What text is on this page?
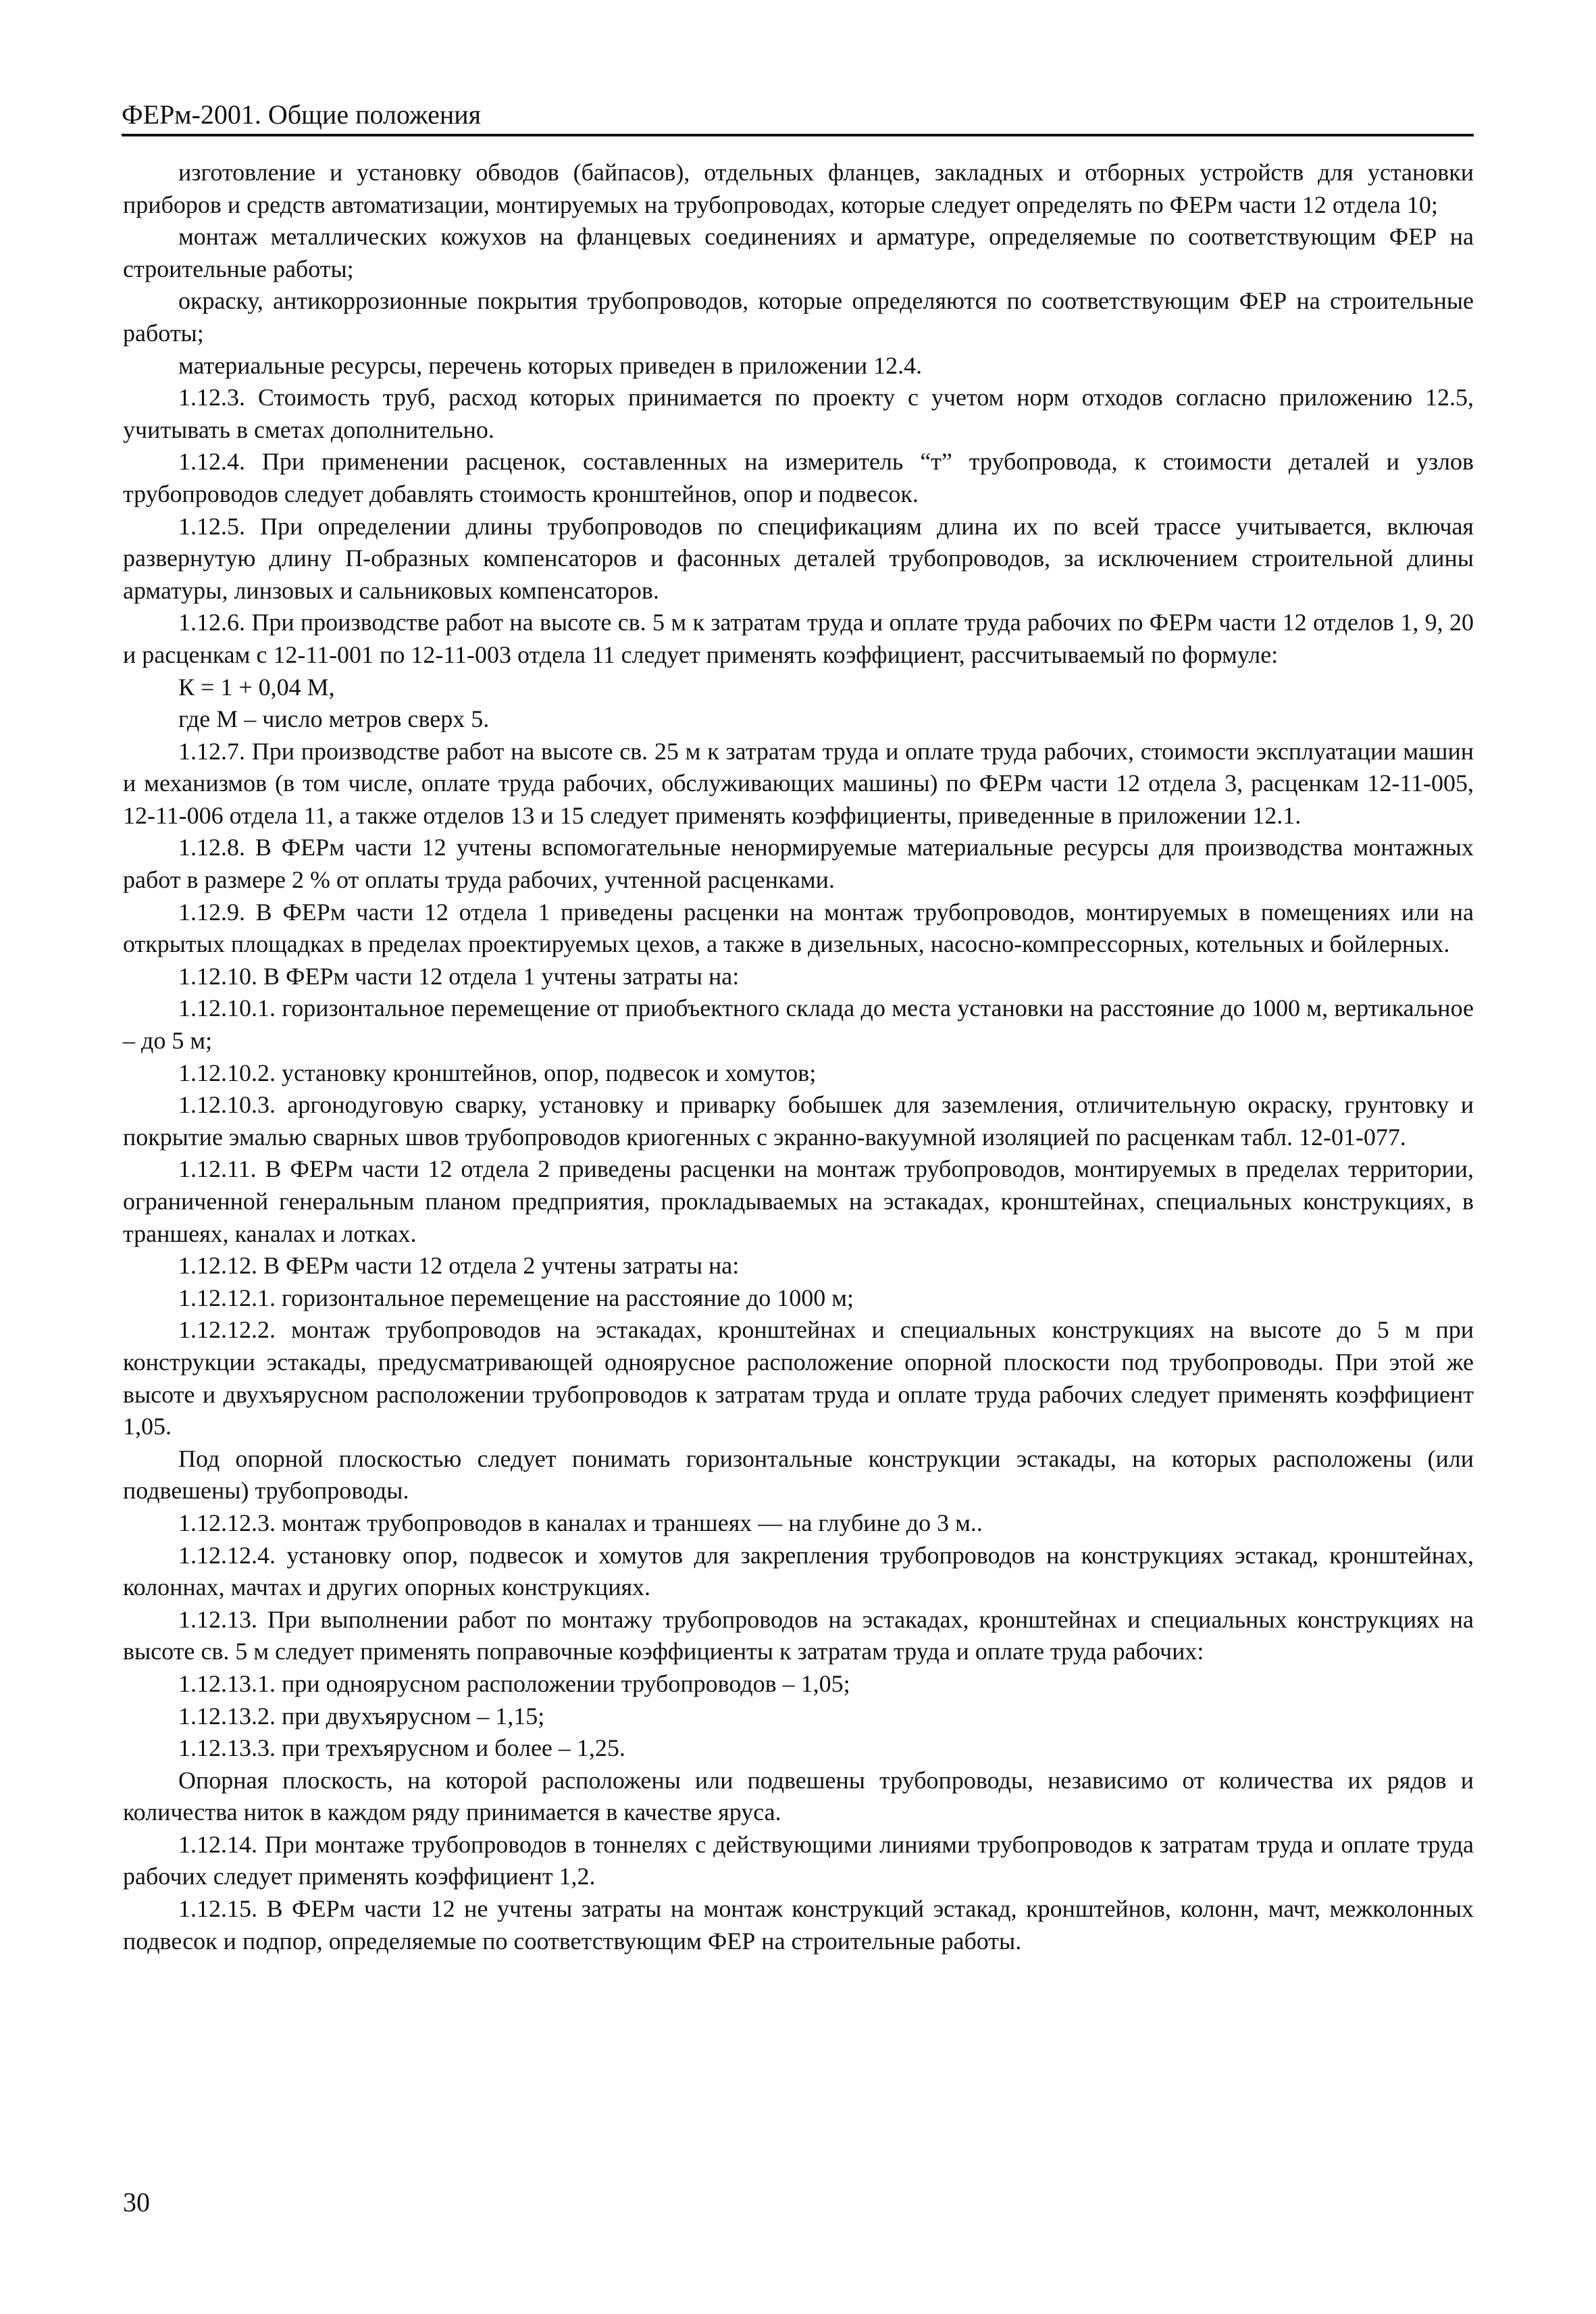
ФЕРм-2001. Общие положения

изготовление и установку обводов (байпасов), отдельных фланцев, закладных и отборных устройств для установки приборов и средств автоматизации, монтируемых на трубопроводах, которые следует определять по ФЕРм части 12 отдела 10;

монтаж металлических кожухов на фланцевых соединениях и арматуре, определяемые по соответствующим ФЕР на строительные работы;

окраску, антикоррозионные покрытия трубопроводов, которые определяются по соответствующим ФЕР на строительные работы;

материальные ресурсы, перечень которых приведен в приложении 12.4.

1.12.3. Стоимость труб, расход которых принимается по проекту с учетом норм отходов согласно приложению 12.5, учитывать в сметах дополнительно.

1.12.4. При применении расценок, составленных на измеритель “т” трубопровода, к стоимости деталей и узлов трубопроводов следует добавлять стоимость кронштейнов, опор и подвесок.

1.12.5. При определении длины трубопроводов по спецификациям длина их по всей трассе учитывается, включая развернутую длину П-образных компенсаторов и фасонных деталей трубопроводов, за исключением строительной длины арматуры, линзовых и сальниковых компенсаторов.

1.12.6. При производстве работ на высоте св. 5 м к затратам труда и оплате труда рабочих по ФЕРм части 12 отделов 1, 9, 20 и расценкам с 12-11-001 по 12-11-003 отдела 11 следует применять коэффициент, рассчитываемый по формуле:

К = 1 + 0,04 М,

где М – число метров сверх 5.

1.12.7. При производстве работ на высоте св. 25 м к затратам труда и оплате труда рабочих, стоимости эксплуатации машин и механизмов (в том числе, оплате труда рабочих, обслуживающих машины) по ФЕРм части 12 отдела 3, расценкам 12-11-005, 12-11-006 отдела 11, а также отделов 13 и 15 следует применять коэффициенты, приведенные в приложении 12.1.

1.12.8. В ФЕРм части 12 учтены вспомогательные ненормируемые материальные ресурсы для производства монтажных работ в размере 2 % от оплаты труда рабочих, учтенной расценками.

1.12.9. В ФЕРм части 12 отдела 1 приведены расценки на монтаж трубопроводов, монтируемых в помещениях или на открытых площадках в пределах проектируемых цехов, а также в дизельных, насосно-компрессорных, котельных и бойлерных.

1.12.10. В ФЕРм части 12 отдела 1 учтены затраты на:

1.12.10.1. горизонтальное перемещение от приобъектного склада до места установки на расстояние до 1000 м, вертикальное – до 5 м;

1.12.10.2. установку кронштейнов, опор, подвесок и хомутов;

1.12.10.3. аргонодуговую сварку, установку и приварку бобышек для заземления, отличительную окраску, грунтовку и покрытие эмалью сварных швов трубопроводов криогенных с экранно-вакуумной изоляцией по расценкам табл. 12-01-077.

1.12.11. В ФЕРм части 12 отдела 2 приведены расценки на монтаж трубопроводов, монтируемых в пределах территории, ограниченной генеральным планом предприятия, прокладываемых на эстакадах, кронштейнах, специальных конструкциях, в траншеях, каналах и лотках.

1.12.12. В ФЕРм части 12 отдела 2 учтены затраты на:

1.12.12.1. горизонтальное перемещение на расстояние до 1000 м;

1.12.12.2. монтаж трубопроводов на эстакадах, кронштейнах и специальных конструкциях на высоте до 5 м при конструкции эстакады, предусматривающей одноярусное расположение опорной плоскости под трубопроводы. При этой же высоте и двухъярусном расположении трубопроводов к затратам труда и оплате труда рабочих следует применять коэффициент 1,05.

Под опорной плоскостью следует понимать горизонтальные конструкции эстакады, на которых расположены (или подвешены) трубопроводы.

1.12.12.3. монтаж трубопроводов в каналах и траншеях — на глубине до 3 м..

1.12.12.4. установку опор, подвесок и хомутов для закрепления трубопроводов на конструкциях эстакад, кронштейнах, колоннах, мачтах и других опорных конструкциях.

1.12.13. При выполнении работ по монтажу трубопроводов на эстакадах, кронштейнах и специальных конструкциях на высоте св. 5 м следует применять поправочные коэффициенты к затратам труда и оплате труда рабочих:

1.12.13.1. при одноярусном расположении трубопроводов – 1,05;

1.12.13.2. при двухъярусном – 1,15;

1.12.13.3. при трехъярусном и более – 1,25.

Опорная плоскость, на которой расположены или подвешены трубопроводы, независимо от количества их рядов и количества ниток в каждом ряду принимается в качестве яруса.

1.12.14. При монтаже трубопроводов в тоннелях с действующими линиями трубопроводов к затратам труда и оплате труда рабочих следует применять коэффициент 1,2.

1.12.15. В ФЕРм части 12 не учтены затраты на монтаж конструкций эстакад, кронштейнов, колонн, мачт, межколонных подвесок и подпор, определяемые по соответствующим ФЕР на строительные работы.

30
